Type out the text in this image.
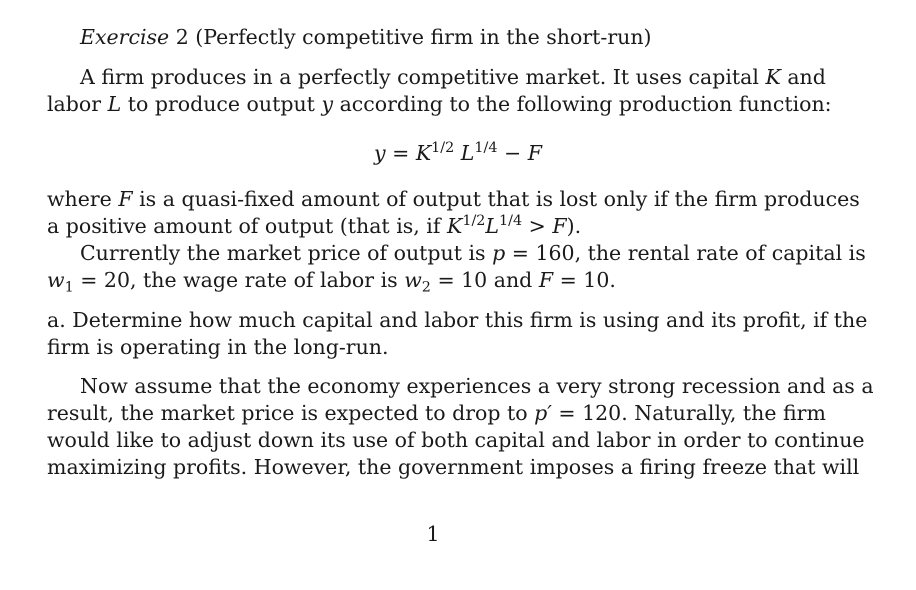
Exercise 2 (Perfectly competitive firm in the short-run)
A firm produces in a perfectly competitive market. It uses capital K and
labor L to produce output y according to the following production function:
$y = K^{1/2}$ $L^{1/4} - F$
where F is a quasi-fixed amount of output that is lost only if the firm produces
a positive amount of output (that is, if $K^{1/2}L^{1/4} > F$).
Currently the market price of output is p = 160, the rental rate of capital is
$w_1 = 20$, the wage rate of labor is $w_2 = 10$ and F = 10.
a. Determine how much capital and labor this firm is using and its profit, if the
firm is operating in the long-run.
Now assume that the economy experiences a very strong recession and as a
result, the market price is expected to drop to p′ = 120. Naturally, the firm
would like to adjust down its use of both capital and labor in order to continue
maximizing profits. However, the government imposes a firing freeze that will
1
